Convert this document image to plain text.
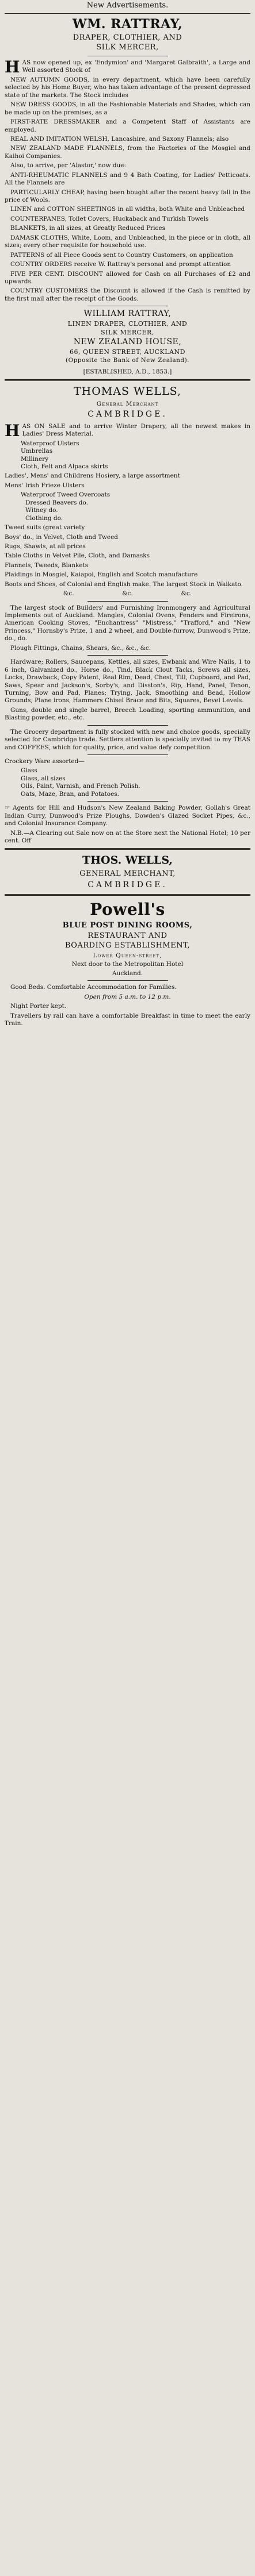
New Advertisements.
WM. RATTRAY,
DRAPER, CLOTHIER, AND
SILK MERCER,

HAS now opened up, ex 'Endymion' and 'Margaret Galbraith', a Large and Well assorted Stock of

NEW AUTUMN GOODS, in every department, which have been carefully selected by his Home Buyer, who has taken advantage of the present depressed state of the markets. The Stock includes

NEW DRESS GOODS, in all the Fashionable Materials and Shades, which can be made up on the premises, as a

FIRST-RATE DRESSMAKER and a Competent Staff of Assistants are employed.

REAL AND IMITATION WELSH, Lancashire, and Saxony Flannels; also

NEW ZEALAND MADE FLANNELS, from the Factories of the Mosgiel and Kaihoi Companies.

Also, to arrive, per 'Alastor,' now due:

ANTI-RHEUMATIC FLANNELS and 9 4 Bath Coating, for Ladies' Petticoats. All the Flannels are

PARTICULARLY CHEAP, having been bought after the recent heavy fall in the price of Wools.

LINEN and COTTON SHEETINGS in all widths, both White and Unbleached

COUNTERPANES, Toilet Covers, Huckaback and Turkish Towels

BLANKETS, in all sizes, at Greatly Reduced Prices

DAMASK CLOTHS, White, Loom, and Unbleached, in the piece or in cloth, all sizes; every other requisite for household use.

PATTERNS of all Piece Goods sent to Country Customers, on application

COUNTRY ORDERS receive W. Rattray's personal and prompt attention

FIVE PER CENT. DISCOUNT allowed for Cash on all Purchases of £2 and upwards.

COUNTRY CUSTOMERS the Discount is allowed if the Cash is remitted by the first mail after the receipt of the Goods.

WILLIAM RATTRAY,
LINEN DRAPER, CLOTHIER, AND
SILK MERCER,
NEW ZEALAND HOUSE,
66, QUEEN STREET, AUCKLAND
(Opposite the Bank of New Zealand).
[ESTABLISHED, A.D., 1853.]
THOMAS WELLS,
General Merchant
CAMBRIDGE.

HAS ON SALE and to arrive Winter Drapery, all the newest makes in Ladies' Dress Material.

Waterproof Ulsters

Umbrellas

Millinery

Cloth, Felt and Alpaca skirts

Ladies', Mens' and Childrens Hosiery, a large assortment

Mens' Irish Frieze Ulsters

Waterproof Tweed Overcoats

Dressed Beavers do.

Witney do.

Clothing do.

Tweed suits (great variety

Boys' do., in Velvet, Cloth and Tweed

Rugs, Shawls, at all prices

Table Cloths in Velvet Pile, Cloth, and Damasks

Flannels, Tweeds, Blankets

Plaidings in Mosgiel, Kaiapoi, English and Scotch manufacture

Boots and Shoes, of Colonial and English make. The largest Stock in Waikato.

&c.	&c.	&c.

The largest stock of Builders' and Furnishing Ironmongery and Agricultural Implements out of Auckland. Mangles, Colonial Ovens, Fenders and Fireirons, American Cooking Stoves, "Enchantress" "Mistress," "Trafford," and "New Princess," Hornsby's Prize, 1 and 2 wheel, and Double-furrow, Dunwood's Prize, do., do.

Plough Fittings, Chains, Shears, &c., &c., &c.

Hardware; Rollers, Saucepans, Kettles, all sizes, Ewbank and Wire Nails, 1 to 6 inch, Galvanized do., Horse do., Tind, Black Clout Tacks, Screws all sizes, Locks, Drawback, Copy Patent, Real Rim, Dead, Chest, Till, Cupboard, and Pad, Saws, Spear and Jackson's, Sorby's, and Disston's, Rip, Hand, Panel, Tenon, Turning, Bow and Pad, Planes; Trying, Jack, Smoothing and Bead, Hollow Grounds, Plane irons, Hammers Chisel Brace and Bits, Squares, Bevel Levels.

Guns, double and single barrel, Breech Loading, sporting ammunition, and Blasting powder, etc., etc.

The Grocery department is fully stocked with new and choice goods, specially selected for Cambridge trade. Settlers attention is specially invited to my TEAS and COFFEES, which for quality, price, and value defy competition.

Crockery Ware assorted—

Glass

Glass, all sizes

Oils, Paint, Varnish, and French Polish.

Oats, Maze, Bran, and Potatoes.

☞ Agents for Hill and Hudson's New Zealand Baking Powder, Gollah's Great Indian Curry, Dunwood's Prize Ploughs, Dowden's Glazed Socket Pipes, &c., and Colonial Insurance Company.

N.B.—A Clearing out Sale now on at the Store next the National Hotel; 10 per cent. Off

THOS. WELLS,
GENERAL MERCHANT,
CAMBRIDGE.
Powell's
BLUE POST DINING ROOMS,
RESTAURANT AND
BOARDING ESTABLISHMENT,
Lower Queen-street,
Next door to the Metropolitan Hotel
Auckland.

Good Beds. Comfortable Accommodation for Families.

Open from 5 a.m. to 12 p.m.

Night Porter kept.

Travellers by rail can have a comfortable Breakfast in time to meet the early Train.
